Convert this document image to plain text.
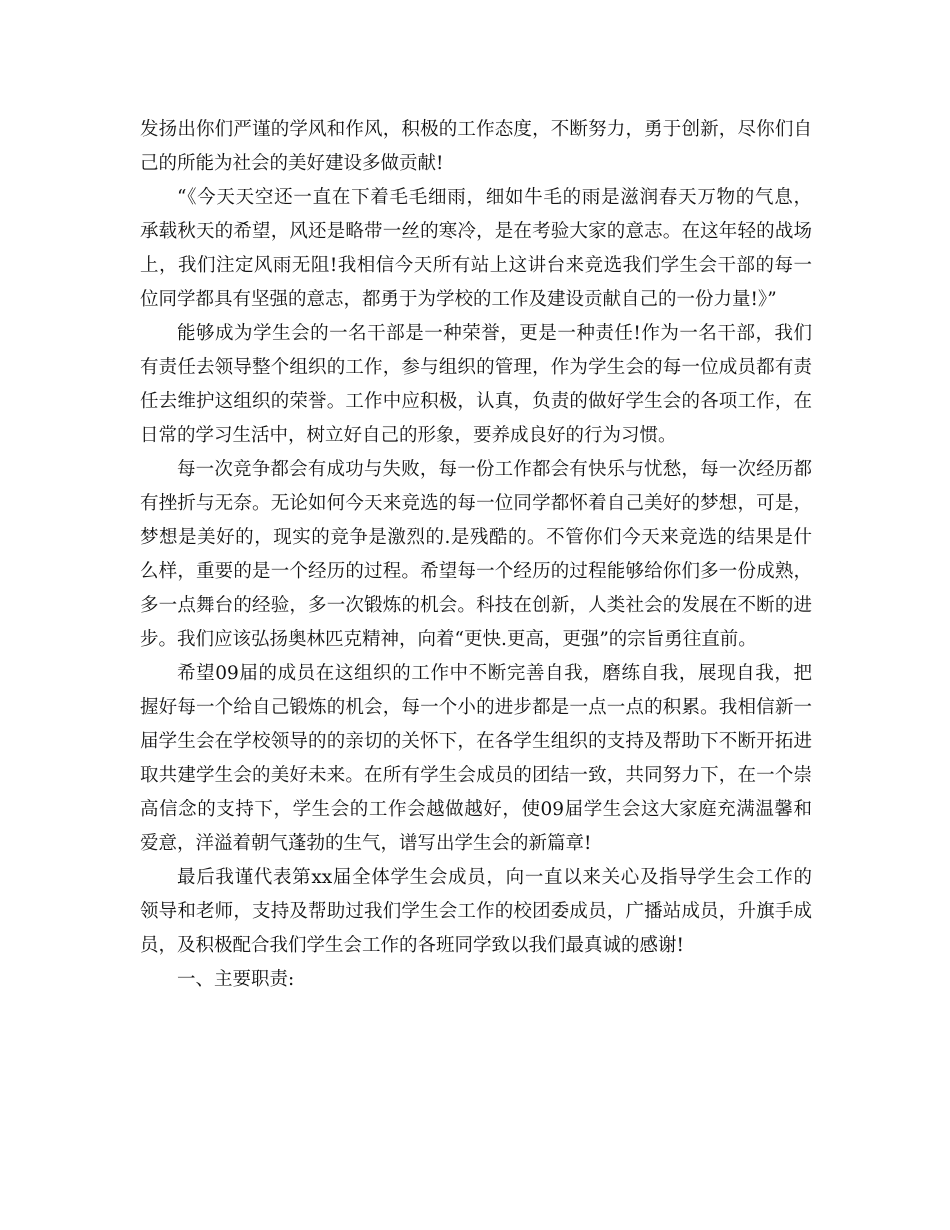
发扬出你们严谨的学风和作风，积极的工作态度，不断努力，勇于创新，尽你们自
己的所能为社会的美好建设多做贡献!
“《今天天空还一直在下着毛毛细雨，细如牛毛的雨是滋润春天万物的气息，
承载秋天的希望，风还是略带一丝的寒冷，是在考验大家的意志。在这年轻的战场
上，我们注定风雨无阻!我相信今天所有站上这讲台来竞选我们学生会干部的每一
位同学都具有坚强的意志，都勇于为学校的工作及建设贡献自己的一份力量!》”
能够成为学生会的一名干部是一种荣誉，更是一种责任!作为一名干部，我们
有责任去领导整个组织的工作，参与组织的管理，作为学生会的每一位成员都有责
任去维护这组织的荣誉。工作中应积极，认真，负责的做好学生会的各项工作，在
日常的学习生活中，树立好自己的形象，要养成良好的行为习惯。
每一次竞争都会有成功与失败，每一份工作都会有快乐与忧愁，每一次经历都
有挫折与无奈。无论如何今天来竞选的每一位同学都怀着自己美好的梦想，可是，
梦想是美好的，现实的竞争是激烈的.是残酷的。不管你们今天来竞选的结果是什
么样，重要的是一个经历的过程。希望每一个经历的过程能够给你们多一份成熟，
多一点舞台的经验，多一次锻炼的机会。科技在创新，人类社会的发展在不断的进
步。我们应该弘扬奥林匹克精神，向着“更快.更高，更强”的宗旨勇往直前。
希望09届的成员在这组织的工作中不断完善自我，磨练自我，展现自我，把
握好每一个给自己锻炼的机会，每一个小的进步都是一点一点的积累。我相信新一
届学生会在学校领导的的亲切的关怀下，在各学生组织的支持及帮助下不断开拓进
取共建学生会的美好未来。在所有学生会成员的团结一致，共同努力下，在一个崇
高信念的支持下，学生会的工作会越做越好，使09届学生会这大家庭充满温馨和
爱意，洋溢着朝气蓬勃的生气，谱写出学生会的新篇章!
最后我谨代表第xx届全体学生会成员，向一直以来关心及指导学生会工作的
领导和老师，支持及帮助过我们学生会工作的校团委成员，广播站成员，升旗手成
员，及积极配合我们学生会工作的各班同学致以我们最真诚的感谢!
一、主要职责:
